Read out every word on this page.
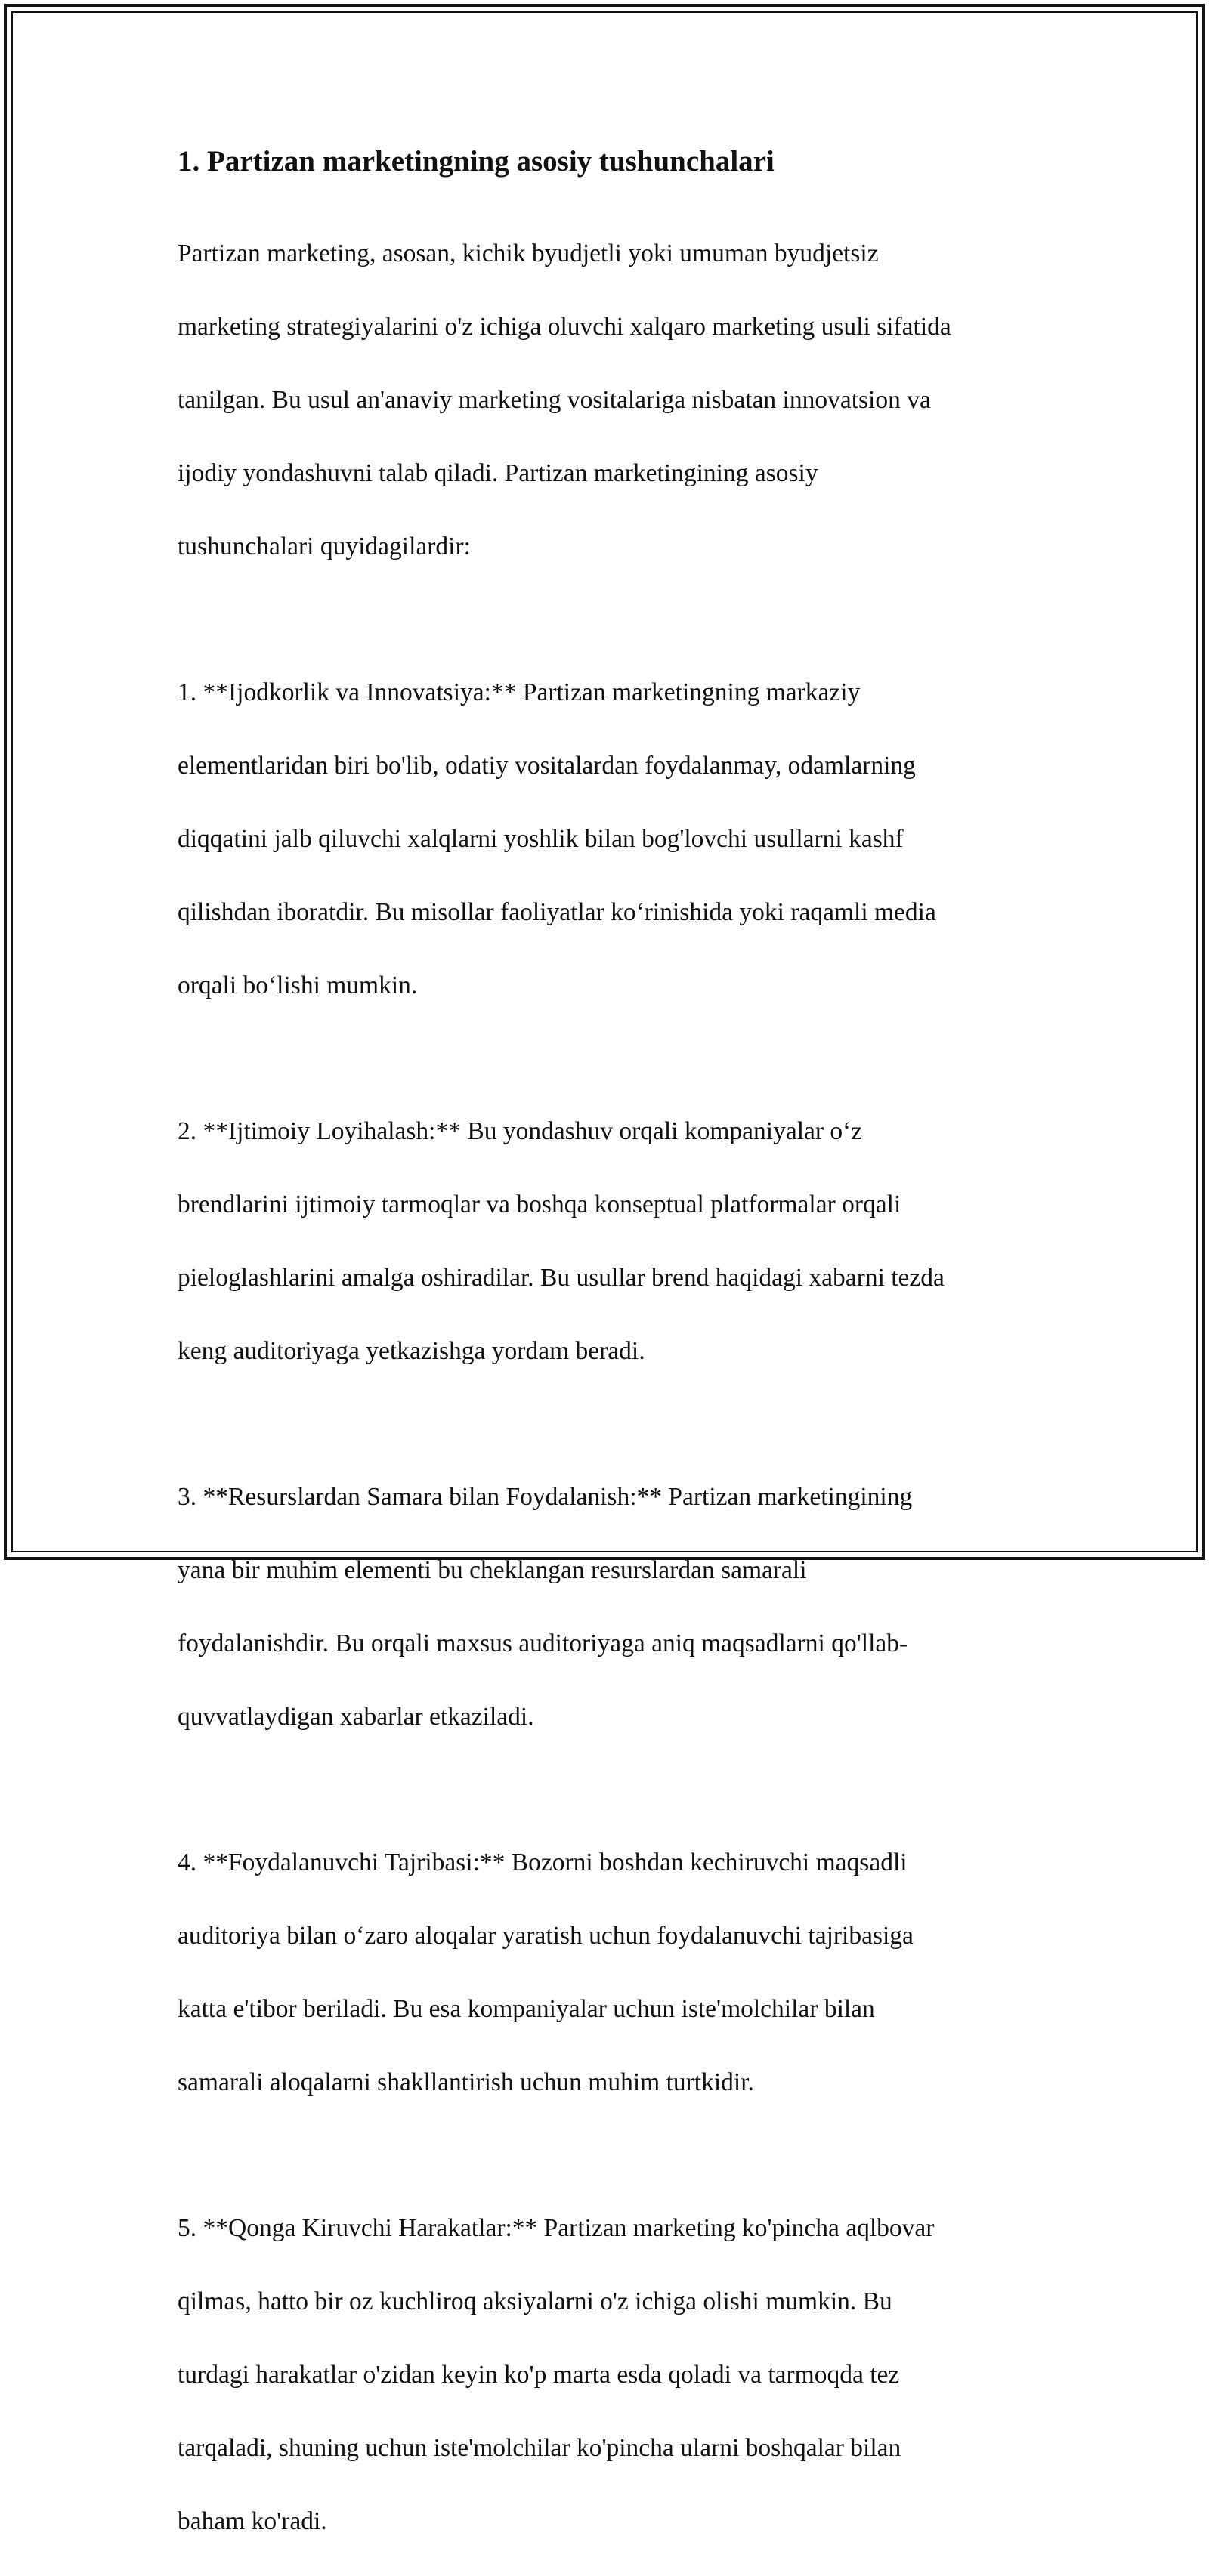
1. Partizan marketingning asosiy tushunchalari

Partizan marketing, asosan, kichik byudjetli yoki umuman byudjetsiz

marketing strategiyalarini o'z ichiga oluvchi xalqaro marketing usuli sifatida

tanilgan. Bu usul an'anaviy marketing vositalariga nisbatan innovatsion va

ijodiy yondashuvni talab qiladi. Partizan marketingining asosiy

tushunchalari quyidagilardir:

1. **Ijodkorlik va Innovatsiya:** Partizan marketingning markaziy

elementlaridan biri bo'lib, odatiy vositalardan foydalanmay, odamlarning

diqqatini jalb qiluvchi xalqlarni yoshlik bilan bog'lovchi usullarni kashf

qilishdan iboratdir. Bu misollar faoliyatlar ko‘rinishida yoki raqamli media

orqali bo‘lishi mumkin.

2. **Ijtimoiy Loyihalash:** Bu yondashuv orqali kompaniyalar o‘z

brendlarini ijtimoiy tarmoqlar va boshqa konseptual platformalar orqali

pieloglashlarini amalga oshiradilar. Bu usullar brend haqidagi xabarni tezda

keng auditoriyaga yetkazishga yordam beradi.

3. **Resurslardan Samara bilan Foydalanish:** Partizan marketingining

yana bir muhim elementi bu cheklangan resurslardan samarali

foydalanishdir. Bu orqali maxsus auditoriyaga aniq maqsadlarni qo'llab-

quvvatlaydigan xabarlar etkaziladi.

4. **Foydalanuvchi Tajribasi:** Bozorni boshdan kechiruvchi maqsadli

auditoriya bilan o‘zaro aloqalar yaratish uchun foydalanuvchi tajribasiga

katta e'tibor beriladi. Bu esa kompaniyalar uchun iste'molchilar bilan

samarali aloqalarni shakllantirish uchun muhim turtkidir.

5. **Qonga Kiruvchi Harakatlar:** Partizan marketing ko'pincha aqlbovar

qilmas, hatto bir oz kuchliroq aksiyalarni o'z ichiga olishi mumkin. Bu

turdagi harakatlar o'zidan keyin ko'p marta esda qoladi va tarmoqda tez

tarqaladi, shuning uchun iste'molchilar ko'pincha ularni boshqalar bilan

baham ko'radi.
